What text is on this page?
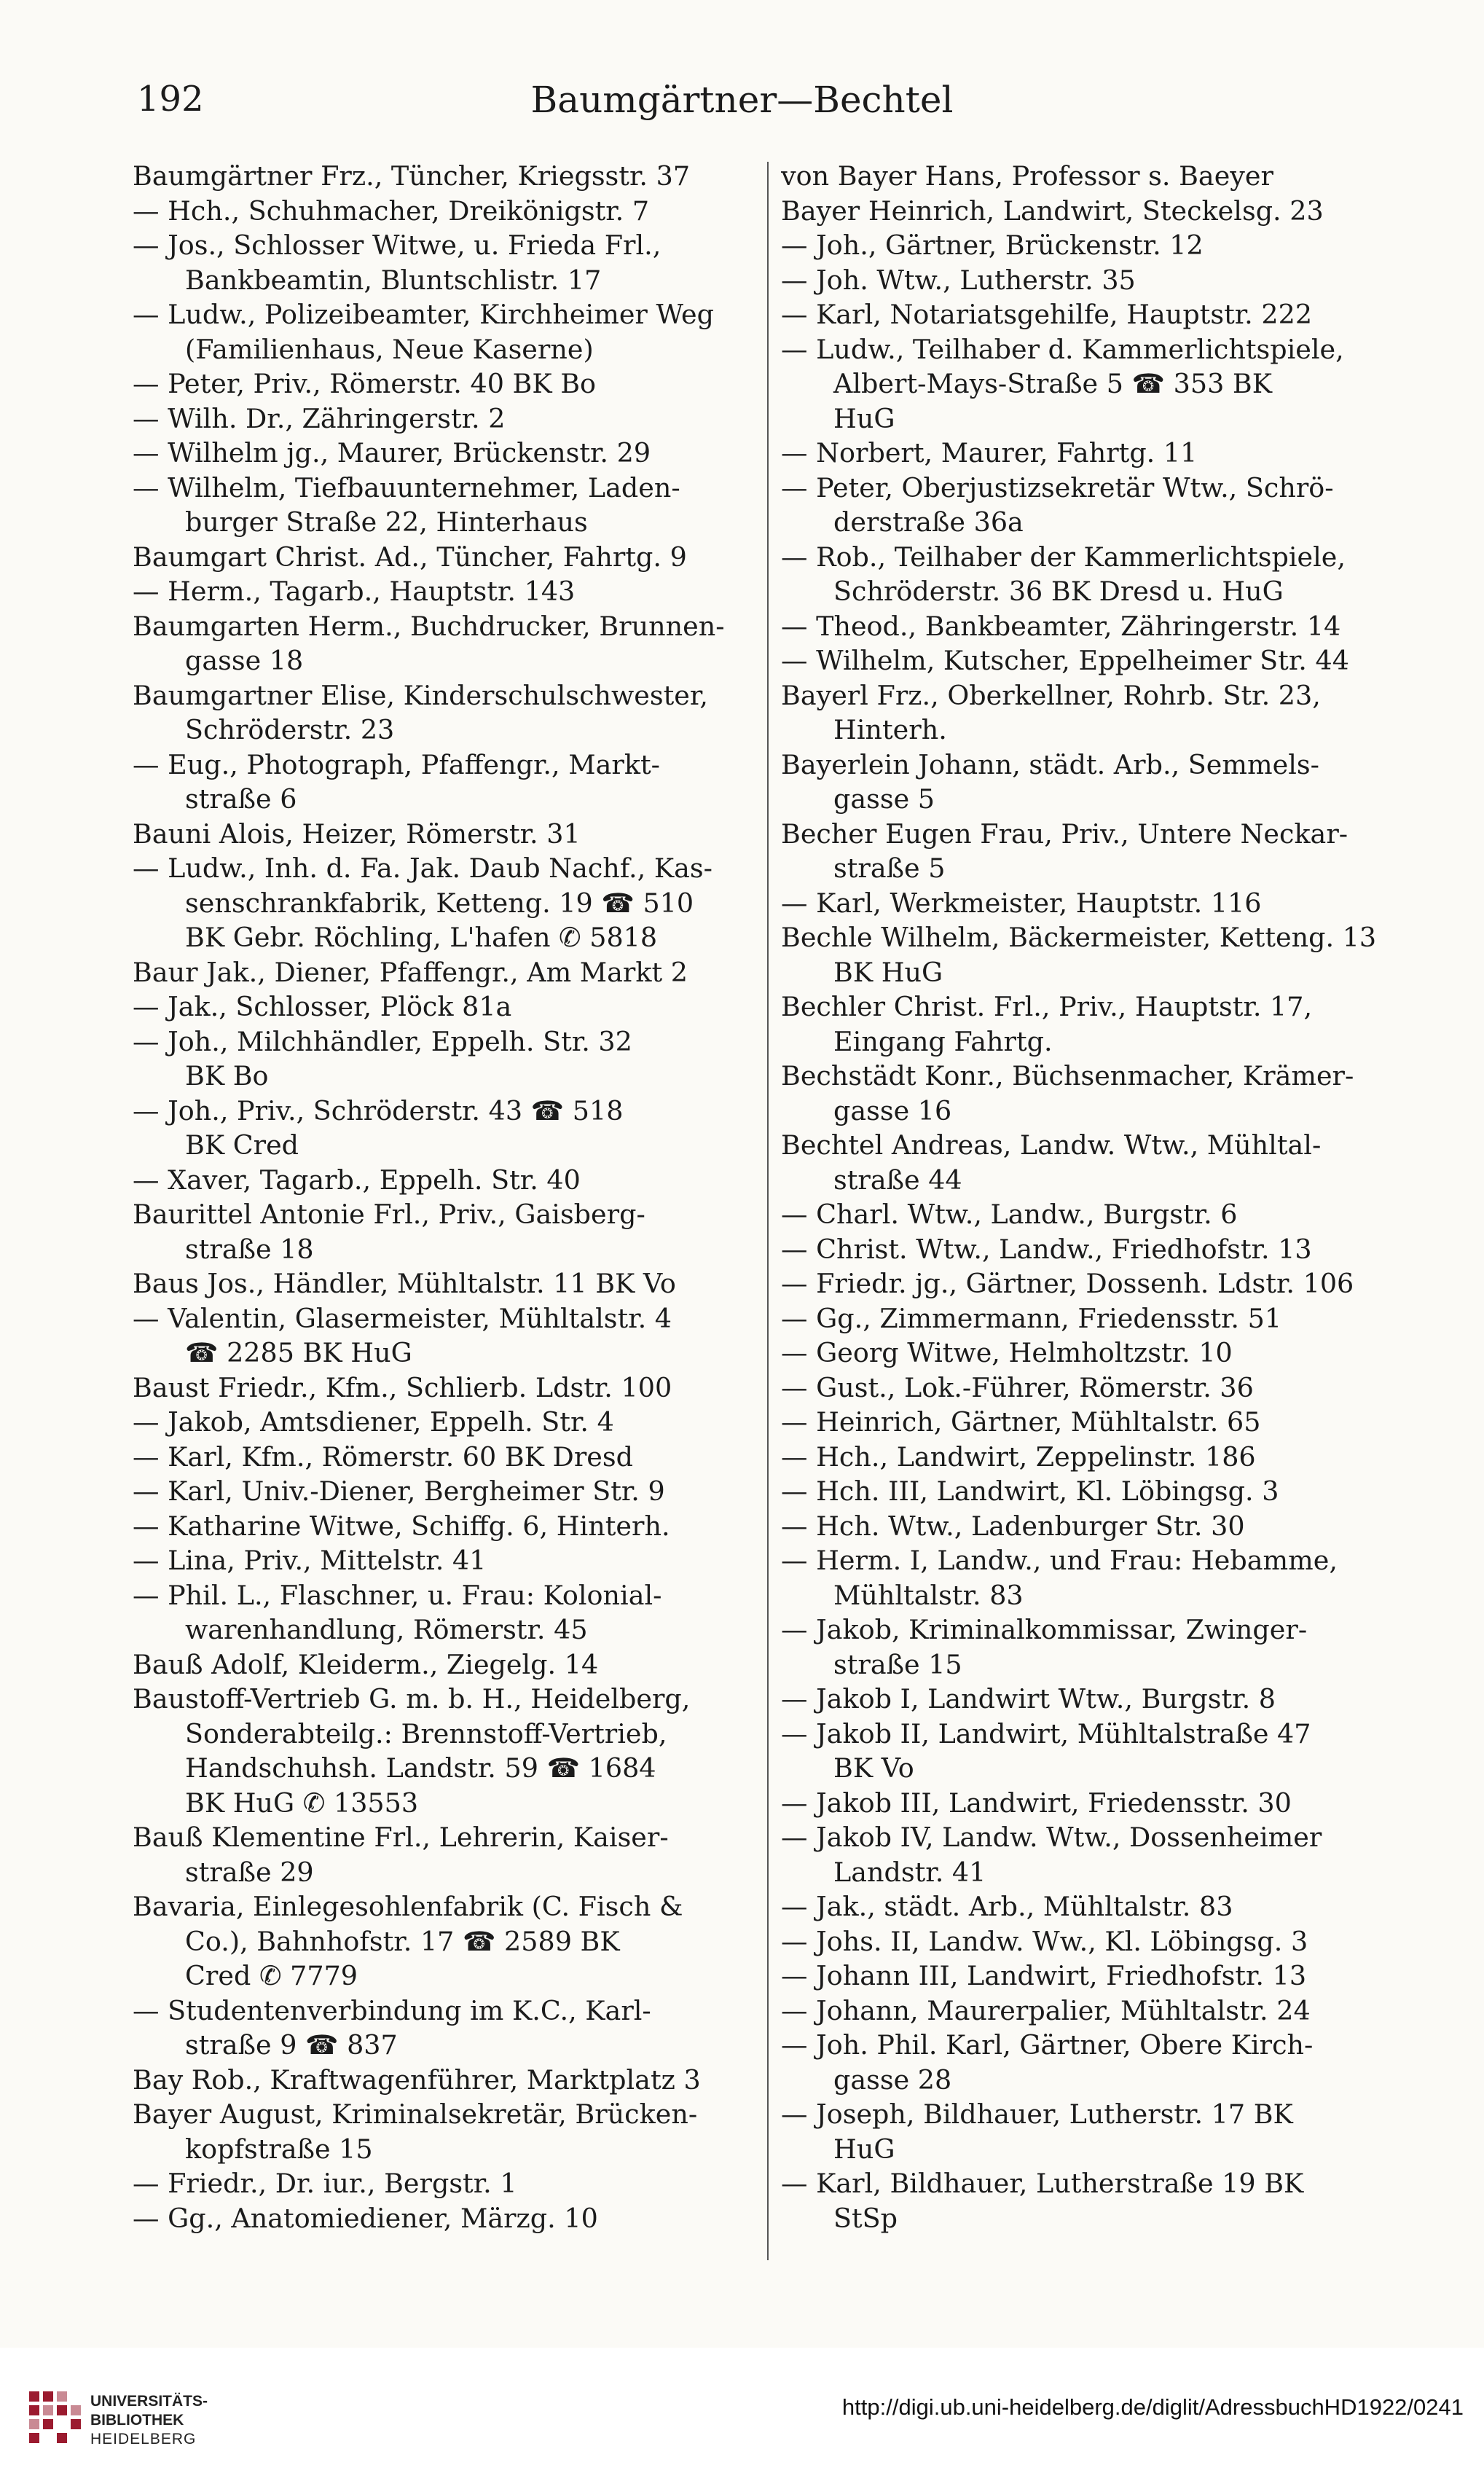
192	Baumgärtner—Bechtel
Baumgärtner Frz., Tüncher, Kriegsstr. 37
— Hch., Schuhmacher, Dreikönigstr. 7
— Jos., Schlosser Witwe, u. Frieda Frl.,
Bankbeamtin, Bluntschlistr. 17
— Ludw., Polizeibeamter, Kirchheimer Weg
(Familienhaus, Neue Kaserne)
— Peter, Priv., Römerstr. 40 BK Bo
— Wilh. Dr., Zähringerstr. 2
— Wilhelm jg., Maurer, Brückenstr. 29
— Wilhelm, Tiefbauunternehmer, Laden-
burger Straße 22, Hinterhaus
Baumgart Christ. Ad., Tüncher, Fahrtg. 9
— Herm., Tagarb., Hauptstr. 143
Baumgarten Herm., Buchdrucker, Brunnen-
gasse 18
Baumgartner Elise, Kinderschulschwester,
Schröderstr. 23
— Eug., Photograph, Pfaffengr., Markt-
straße 6
Bauni Alois, Heizer, Römerstr. 31
— Ludw., Inh. d. Fa. Jak. Daub Nachf., Kas-
senschrankfabrik, Ketteng. 19 ☎ 510
BK Gebr. Röchling, L'hafen ✆ 5818
Baur Jak., Diener, Pfaffengr., Am Markt 2
— Jak., Schlosser, Plöck 81a
— Joh., Milchhändler, Eppelh. Str. 32
BK Bo
— Joh., Priv., Schröderstr. 43 ☎ 518
BK Cred
— Xaver, Tagarb., Eppelh. Str. 40
Baurittel Antonie Frl., Priv., Gaisberg-
straße 18
Baus Jos., Händler, Mühltalstr. 11 BK Vo
— Valentin, Glasermeister, Mühltalstr. 4
☎ 2285 BK HuG
Baust Friedr., Kfm., Schlierb. Ldstr. 100
— Jakob, Amtsdiener, Eppelh. Str. 4
— Karl, Kfm., Römerstr. 60 BK Dresd
— Karl, Univ.-Diener, Bergheimer Str. 9
— Katharine Witwe, Schiffg. 6, Hinterh.
— Lina, Priv., Mittelstr. 41
— Phil. L., Flaschner, u. Frau: Kolonial-
warenhandlung, Römerstr. 45
Bauß Adolf, Kleiderm., Ziegelg. 14
Baustoff-Vertrieb G. m. b. H., Heidelberg,
Sonderabteilg.: Brennstoff-Vertrieb,
Handschuhsh. Landstr. 59 ☎ 1684
BK HuG ✆ 13553
Bauß Klementine Frl., Lehrerin, Kaiser-
straße 29
Bavaria, Einlegesohlenfabrik (C. Fisch &
Co.), Bahnhofstr. 17 ☎ 2589 BK
Cred ✆ 7779
— Studentenverbindung im K.C., Karl-
straße 9 ☎ 837
Bay Rob., Kraftwagenführer, Marktplatz 3
Bayer August, Kriminalsekretär, Brücken-
kopfstraße 15
— Friedr., Dr. iur., Bergstr. 1
— Gg., Anatomiediener, Märzg. 10
von Bayer Hans, Professor s. Baeyer
Bayer Heinrich, Landwirt, Steckelsg. 23
— Joh., Gärtner, Brückenstr. 12
— Joh. Wtw., Lutherstr. 35
— Karl, Notariatsgehilfe, Hauptstr. 222
— Ludw., Teilhaber d. Kammerlichtspiele,
Albert-Mays-Straße 5 ☎ 353 BK
HuG
— Norbert, Maurer, Fahrtg. 11
— Peter, Oberjustizsekretär Wtw., Schrö-
derstraße 36a
— Rob., Teilhaber der Kammerlichtspiele,
Schröderstr. 36 BK Dresd u. HuG
— Theod., Bankbeamter, Zähringerstr. 14
— Wilhelm, Kutscher, Eppelheimer Str. 44
Bayerl Frz., Oberkellner, Rohrb. Str. 23,
Hinterh.
Bayerlein Johann, städt. Arb., Semmels-
gasse 5
Becher Eugen Frau, Priv., Untere Neckar-
straße 5
— Karl, Werkmeister, Hauptstr. 116
Bechle Wilhelm, Bäckermeister, Ketteng. 13
BK HuG
Bechler Christ. Frl., Priv., Hauptstr. 17,
Eingang Fahrtg.
Bechstädt Konr., Büchsenmacher, Krämer-
gasse 16
Bechtel Andreas, Landw. Wtw., Mühltal-
straße 44
— Charl. Wtw., Landw., Burgstr. 6
— Christ. Wtw., Landw., Friedhofstr. 13
— Friedr. jg., Gärtner, Dossenh. Ldstr. 106
— Gg., Zimmermann, Friedensstr. 51
— Georg Witwe, Helmholtzstr. 10
— Gust., Lok.-Führer, Römerstr. 36
— Heinrich, Gärtner, Mühltalstr. 65
— Hch., Landwirt, Zeppelinstr. 186
— Hch. III, Landwirt, Kl. Löbingsg. 3
— Hch. Wtw., Ladenburger Str. 30
— Herm. I, Landw., und Frau: Hebamme,
Mühltalstr. 83
— Jakob, Kriminalkommissar, Zwinger-
straße 15
— Jakob I, Landwirt Wtw., Burgstr. 8
— Jakob II, Landwirt, Mühltalstraße 47
BK Vo
— Jakob III, Landwirt, Friedensstr. 30
— Jakob IV, Landw. Wtw., Dossenheimer
Landstr. 41
— Jak., städt. Arb., Mühltalstr. 83
— Johs. II, Landw. Ww., Kl. Löbingsg. 3
— Johann III, Landwirt, Friedhofstr. 13
— Johann, Maurerpalier, Mühltalstr. 24
— Joh. Phil. Karl, Gärtner, Obere Kirch-
gasse 28
— Joseph, Bildhauer, Lutherstr. 17 BK
HuG
— Karl, Bildhauer, Lutherstraße 19 BK
StSp
UNIVERSITÄTS-
BIBLIOTHEK
HEIDELBERG
http://digi.ub.uni-heidelberg.de/diglit/AdressbuchHD1922/0241
